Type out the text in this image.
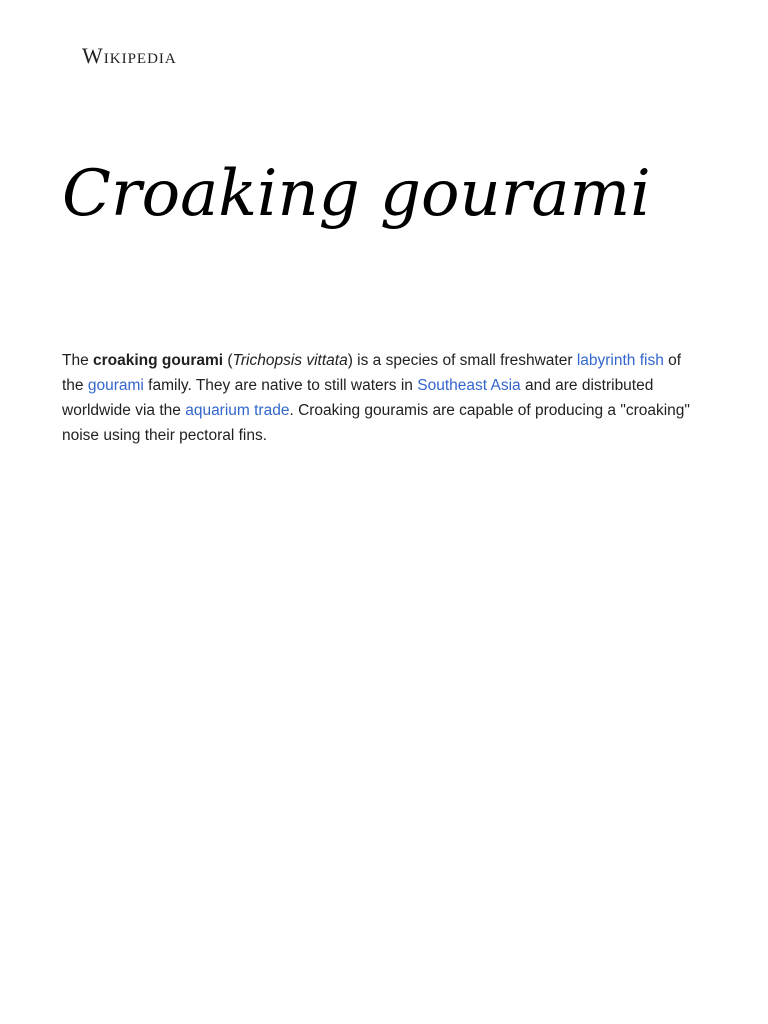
Wikipedia
Croaking gourami

The croaking gourami (Trichopsis vittata) is a species of small freshwater labyrinth fish of the gourami family. They are native to still waters in Southeast Asia and are distributed worldwide via the aquarium trade. Croaking gouramis are capable of producing a "croaking" noise using their pectoral fins.
